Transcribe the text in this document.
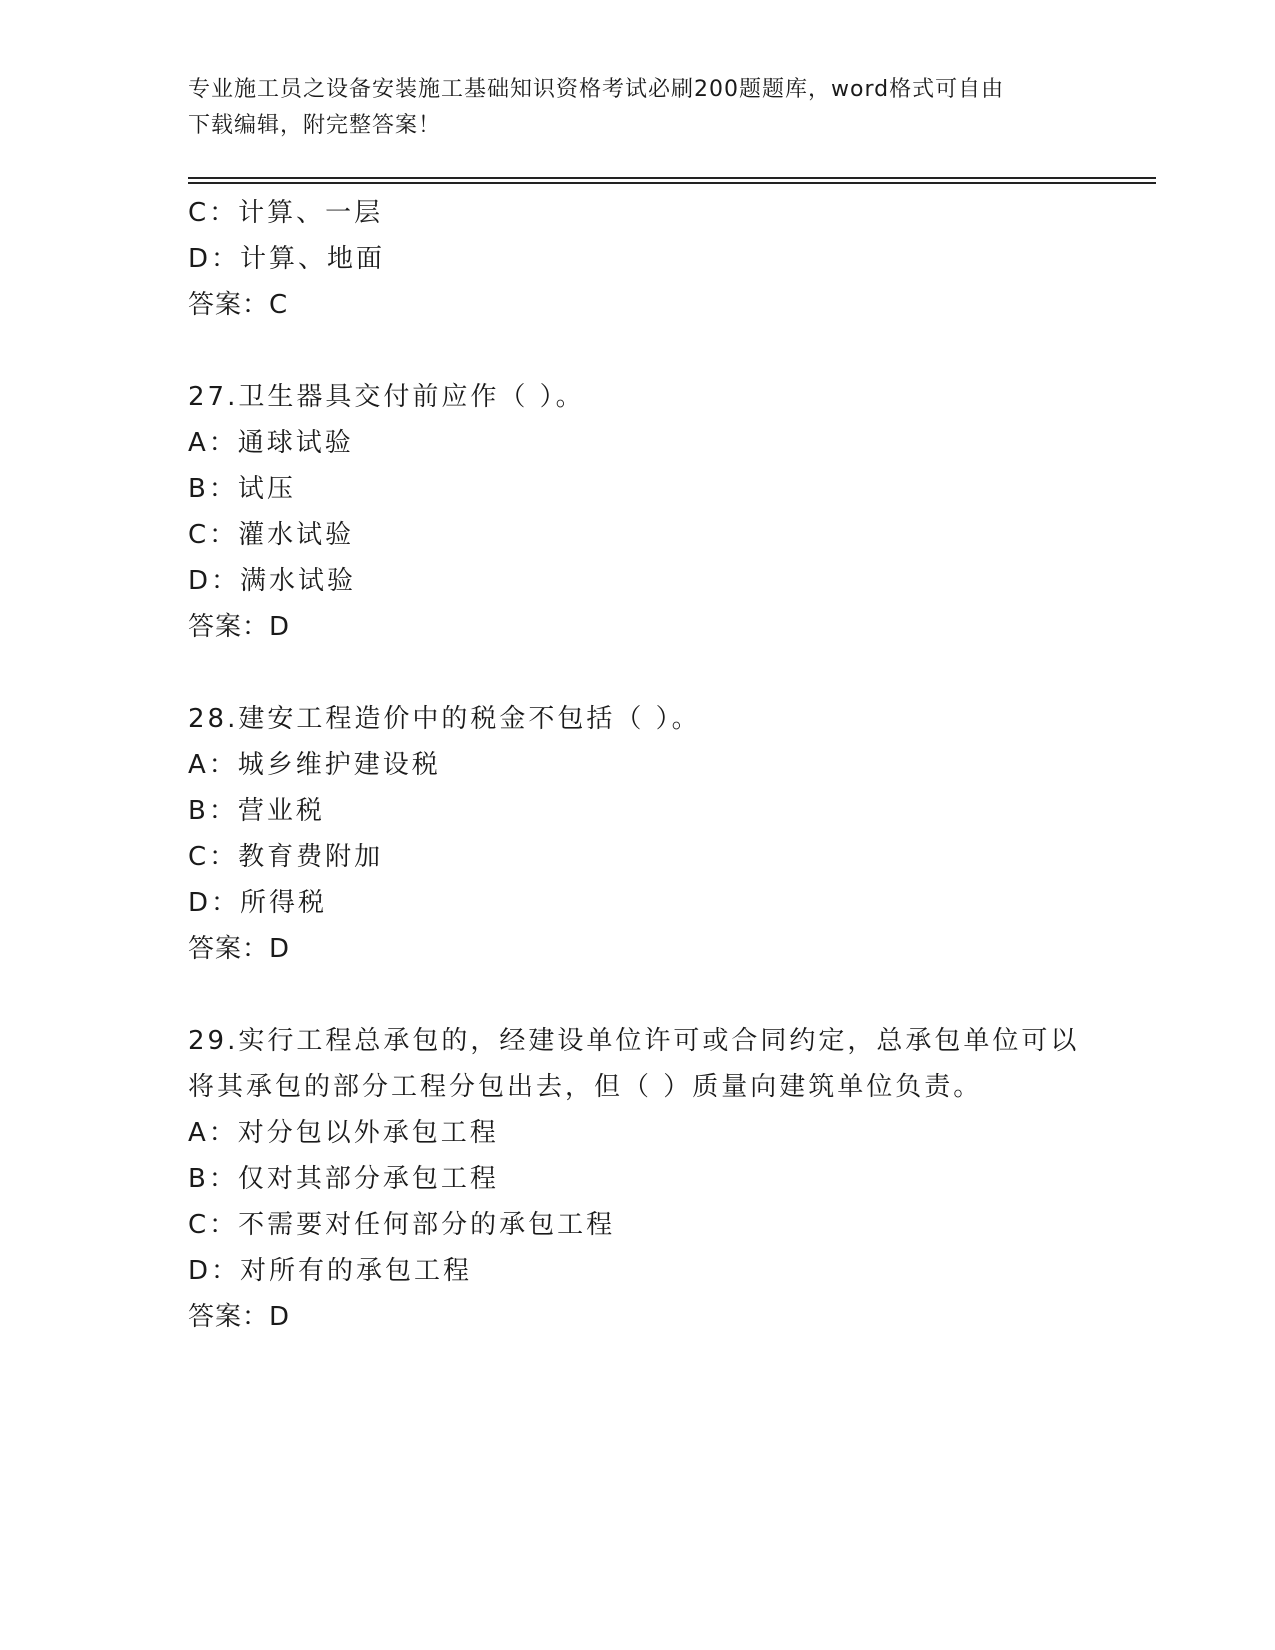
专业施工员之设备安装施工基础知识资格考试必刷200题题库，word格式可自由
下载编辑，附完整答案！
C：计算、一层
D：计算、地面
答案：C
27.卫生器具交付前应作（ ）。
A：通球试验
B：试压
C：灌水试验
D：满水试验
答案：D
28.建安工程造价中的税金不包括（ ）。
A：城乡维护建设税
B：营业税
C：教育费附加
D：所得税
答案：D
29.实行工程总承包的，经建设单位许可或合同约定，总承包单位可以
将其承包的部分工程分包出去，但（ ）质量向建筑单位负责。
A：对分包以外承包工程
B：仅对其部分承包工程
C：不需要对任何部分的承包工程
D：对所有的承包工程
答案：D
